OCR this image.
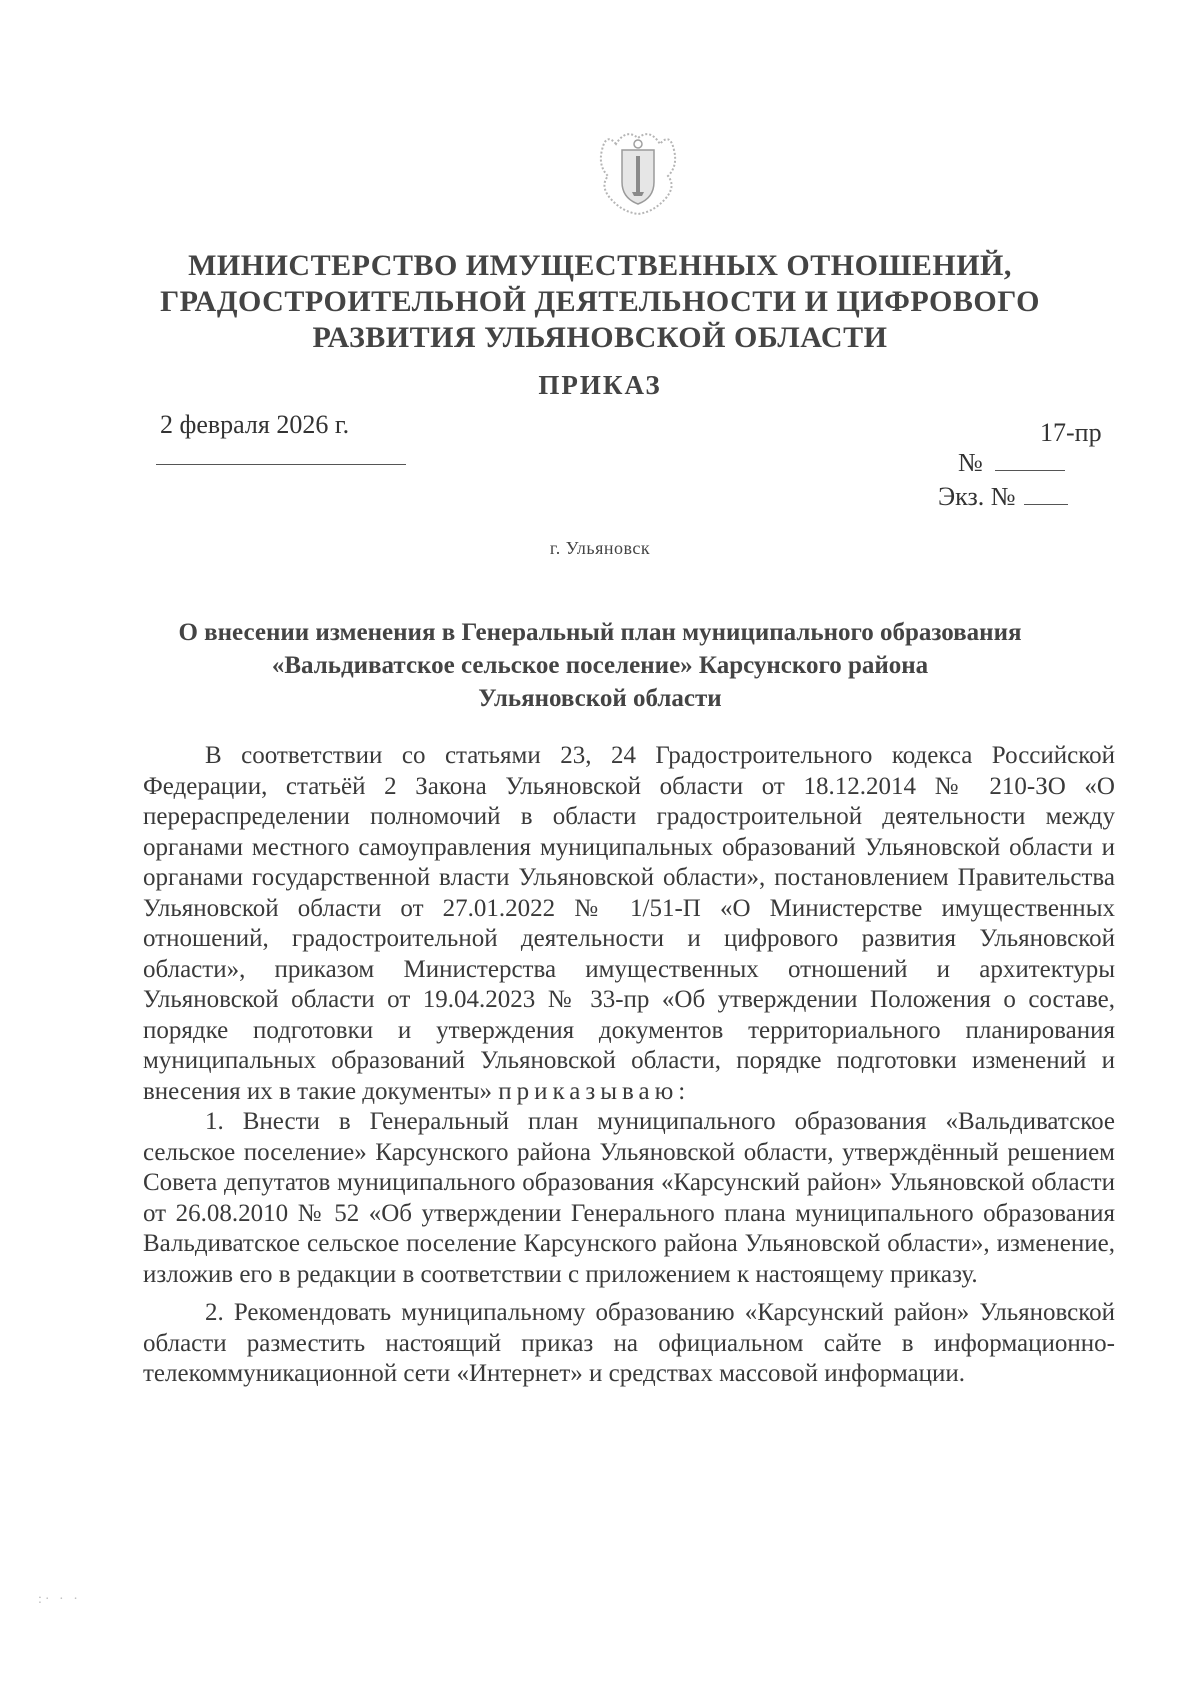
МИНИСТЕРСТВО ИМУЩЕСТВЕННЫХ ОТНОШЕНИЙ,
ГРАДОСТРОИТЕЛЬНОЙ ДЕЯТЕЛЬНОСТИ И ЦИФРОВОГО
РАЗВИТИЯ УЛЬЯНОВСКОЙ ОБЛАСТИ
ПРИКАЗ
2 февраля 2026 г.	17-пр
№
Экз. №
г. Ульяновск
О внесении изменения в Генеральный план муниципального образования
«Вальдиватское сельское поселение» Карсунского района
Ульяновской области

В соответствии со статьями 23, 24 Градостроительного кодекса Российской Федерации, статьёй 2 Закона Ульяновской области от 18.12.2014 № 210-ЗО «О перераспределении полномочий в области градостроительной деятельности между органами местного самоуправления муниципальных образований Ульяновской области и органами государственной власти Ульяновской области», постановлением Правительства Ульяновской области от 27.01.2022 № 1/51-П «О Министерстве имущественных отношений, градостроительной деятельности и цифрового развития Ульяновской области», приказом Министерства имущественных отношений и архитектуры Ульяновской области от 19.04.2023 № 33-пр «Об утверждении Положения о составе, порядке подготовки и утверждения документов территориального планирования муниципальных образований Ульяновской области, порядке подготовки изменений и внесения их в такие документы» приказываю:

1. Внести в Генеральный план муниципального образования «Вальдиватское сельское поселение» Карсунского района Ульяновской области, утверждённый решением Совета депутатов муниципального образования «Карсунский район» Ульяновской области от 26.08.2010 № 52 «Об утверждении Генерального плана муниципального образования Вальдиватское сельское поселение Карсунского района Ульяновской области», изменение, изложив его в редакции в соответствии с приложением к настоящему приказу.

2. Рекомендовать муниципальному образованию «Карсунский район» Ульяновской области разместить настоящий приказ на официальном сайте в информационно-телекоммуникационной сети «Интернет» и средствах массовой информации.

:· · ·
